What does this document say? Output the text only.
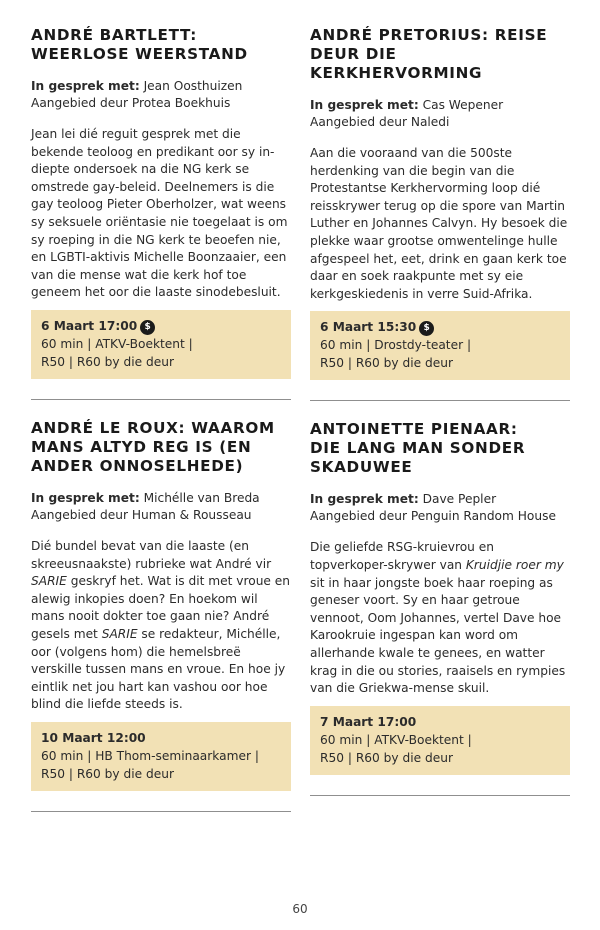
ANDRÉ BARTLETT:
WEERLOSE WEERSTAND

In gesprek met: Jean Oosthuizen
Aangebied deur Protea Boekhuis

Jean lei dié reguit gesprek met die bekende teoloog en predikant oor sy in-diepte ondersoek na die NG kerk se omstrede gay-beleid. Deelnemers is die gay teoloog Pieter Oberholzer, wat weens sy seksuele oriëntasie nie toegelaat is om sy roeping in die NG kerk te beoefen nie, en LGBTI-aktivis Michelle Boonzaaier, een van die mense wat die kerk hof toe geneem het oor die laaste sinodebesluit.

6 Maart 17:00 $
60 min | ATKV-Boektent |
R50 | R60 by die deur
ANDRÉ LE ROUX: WAAROM
MANS ALTYD REG IS (EN
ANDER ONNOSELHEDE)

In gesprek met: Michélle van Breda
Aangebied deur Human & Rousseau

Dié bundel bevat van die laaste (en skreeusnaakste) rubrieke wat André vir SARIE geskryf het. Wat is dit met vroue en alewig inkopies doen? En hoekom wil mans nooit dokter toe gaan nie? André gesels met SARIE se redakteur, Michélle, oor (volgens hom) die hemelsbreë verskille tussen mans en vroue. En hoe jy eintlik net jou hart kan vashou oor hoe blind die liefde steeds is.

10 Maart 12:00
60 min | HB Thom-seminaarkamer |
R50 | R60 by die deur
ANDRÉ PRETORIUS: REISE
DEUR DIE KERKHERVORMING

In gesprek met: Cas Wepener
Aangebied deur Naledi

Aan die vooraand van die 500ste herdenking van die begin van die Protestantse Kerkhervorming loop dié reisskrywer terug op die spore van Martin Luther en Johannes Calvyn. Hy besoek die plekke waar grootse omwentelinge hulle afgespeel het, eet, drink en gaan kerk toe daar en soek raakpunte met sy eie kerkgeskiedenis in verre Suid-Afrika.

6 Maart 15:30 $
60 min | Drostdy-teater |
R50 | R60 by die deur
ANTOINETTE PIENAAR:
DIE LANG MAN SONDER
SKADUWEE

In gesprek met: Dave Pepler
Aangebied deur Penguin Random House

Die geliefde RSG-kruievrou en topverkoper-skrywer van Kruidjie roer my sit in haar jongste boek haar roeping as geneser voort. Sy en haar getroue vennoot, Oom Johannes, vertel Dave hoe Karookruie ingespan kan word om allerhande kwale te genees, en watter krag in die ou stories, raaisels en rympies van die Griekwa-mense skuil.

7 Maart 17:00
60 min | ATKV-Boektent |
R50 | R60 by die deur
60
